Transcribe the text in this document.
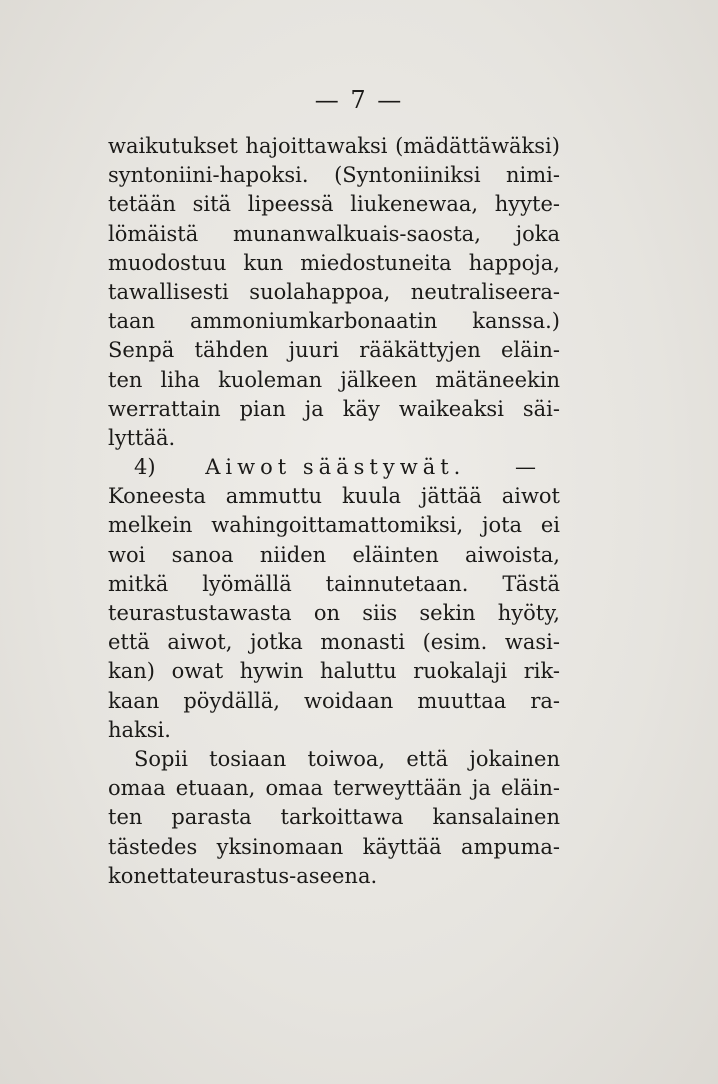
— 7 —
waikutukset hajoittawaksi (mädättäwäksi)
syntoniini-hapoksi. (Syntoniiniksi nimi-
tetään sitä lipeessä liukenewaa, hyyte-
lömäistä munanwalkuais-saosta, joka
muodostuu kun miedostuneita happoja,
tawallisesti suolahappoa, neutraliseera-
taan ammoniumkarbonaatin kanssa.)
Senpä tähden juuri rääkättyjen eläin-
ten liha kuoleman jälkeen mätäneekin
werrattain pian ja käy waikeaksi säi-
lyttää.
4) Aiwot säästywät. —
Koneesta ammuttu kuula jättää aiwot
melkein wahingoittamattomiksi, jota ei
woi sanoa niiden eläinten aiwoista,
mitkä lyömällä tainnutetaan. Tästä
teurastustawasta on siis sekin hyöty,
että aiwot, jotka monasti (esim. wasi-
kan) owat hywin haluttu ruokalaji rik-
kaan pöydällä, woidaan muuttaa ra-
haksi.
Sopii tosiaan toiwoa, että jokainen
omaa etuaan, omaa terweyttään ja eläin-
ten parasta tarkoittawa kansalainen
tästedes yksinomaan käyttää ampuma-
konetta teurastus-aseena.
